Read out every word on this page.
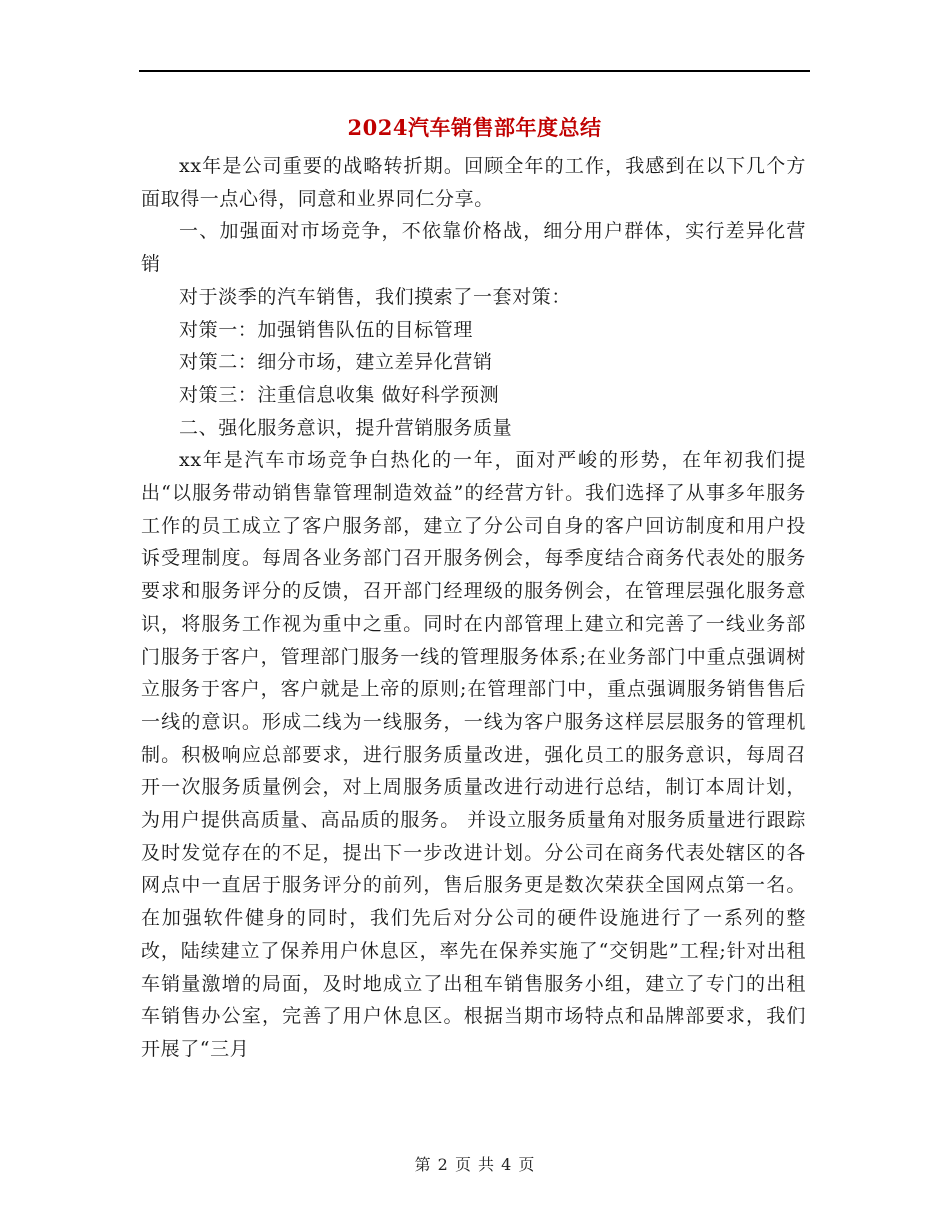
2024汽车销售部年度总结

xx年是公司重要的战略转折期。回顾全年的工作，我感到在以下几个方面取得一点心得，同意和业界同仁分享。

一、加强面对市场竞争，不依靠价格战，细分用户群体，实行差异化营销

对于淡季的汽车销售，我们摸索了一套对策：

对策一：加强销售队伍的目标管理

对策二：细分市场，建立差异化营销

对策三：注重信息收集 做好科学预测

二、强化服务意识，提升营销服务质量

xx年是汽车市场竞争白热化的一年，面对严峻的形势，在年初我们提出“以服务带动销售靠管理制造效益”的经营方针。我们选择了从事多年服务工作的员工成立了客户服务部，建立了分公司自身的客户回访制度和用户投诉受理制度。每周各业务部门召开服务例会，每季度结合商务代表处的服务要求和服务评分的反馈，召开部门经理级的服务例会，在管理层强化服务意识，将服务工作视为重中之重。同时在内部管理上建立和完善了一线业务部门服务于客户，管理部门服务一线的管理服务体系;在业务部门中重点强调树立服务于客户，客户就是上帝的原则;在管理部门中，重点强调服务销售售后一线的意识。形成二线为一线服务，一线为客户服务这样层层服务的管理机制。积极响应总部要求，进行服务质量改进，强化员工的服务意识，每周召开一次服务质量例会，对上周服务质量改进行动进行总结，制订本周计划，为用户提供高质量、高品质的服务。 并设立服务质量角对服务质量进行跟踪及时发觉存在的不足，提出下一步改进计划。分公司在商务代表处辖区的各网点中一直居于服务评分的前列，售后服务更是数次荣获全国网点第一名。在加强软件健身的同时，我们先后对分公司的硬件设施进行了一系列的整改，陆续建立了保养用户休息区，率先在保养实施了“交钥匙”工程;针对出租车销量激增的局面，及时地成立了出租车销售服务小组，建立了专门的出租车销售办公室，完善了用户休息区。根据当期市场特点和品牌部要求，我们开展了“三月

第 2 页 共 4 页
